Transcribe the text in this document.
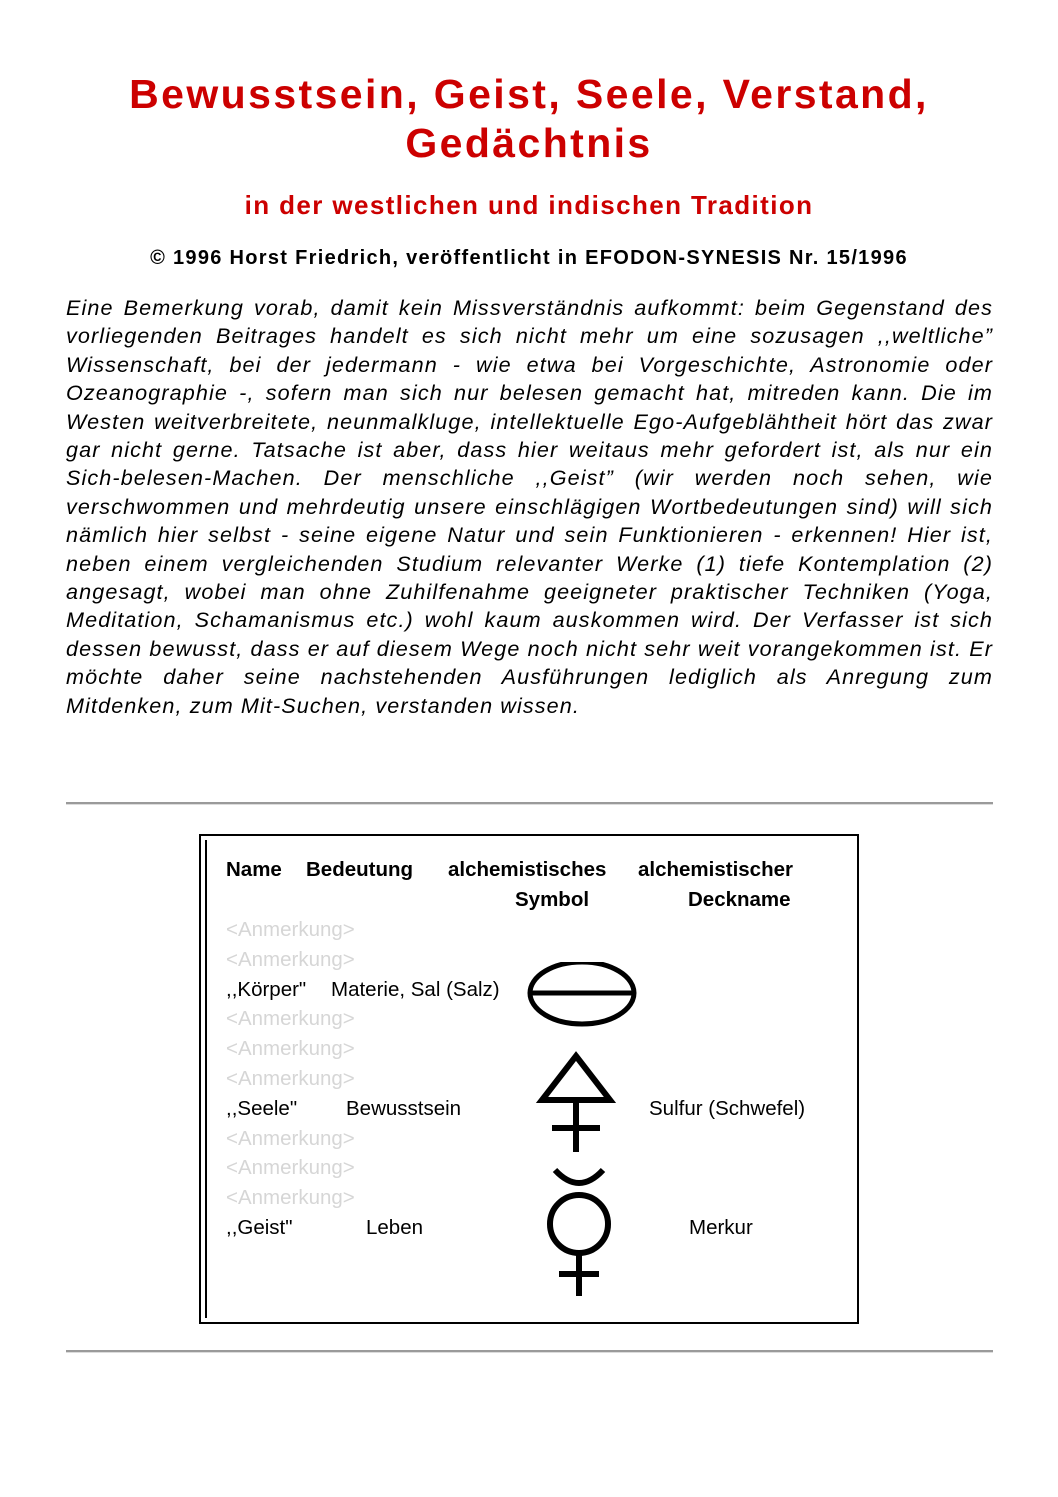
Bewusstsein, Geist, Seele, Verstand, Gedächtnis
in der westlichen und indischen Tradition

© 1996 Horst Friedrich, veröffentlicht in EFODON-SYNESIS Nr. 15/1996

Eine Bemerkung vorab, damit kein Missverständnis aufkommt: beim Gegenstand des vorliegenden Beitrages handelt es sich nicht mehr um eine sozusagen ,,weltliche” Wissenschaft, bei der jedermann - wie etwa bei Vorgeschichte, Astronomie oder Ozeanographie -, sofern man sich nur belesen gemacht hat, mitreden kann. Die im Westen weitverbreitete, neunmalkluge, intellektuelle Ego-Aufgeblähtheit hört das zwar gar nicht gerne. Tatsache ist aber, dass hier weitaus mehr gefordert ist, als nur ein Sich-belesen-Machen. Der menschliche ,,Geist” (wir werden noch sehen, wie verschwommen und mehrdeutig unsere einschlägigen Wortbedeutungen sind) will sich nämlich hier selbst - seine eigene Natur und sein Funktionieren - erkennen! Hier ist, neben einem vergleichenden Studium relevanter Werke (1) tiefe Kontemplation (2) angesagt, wobei man ohne Zuhilfenahme geeigneter praktischer Techniken (Yoga, Meditation, Schamanismus etc.) wohl kaum auskommen wird. Der Verfasser ist sich dessen bewusst, dass er auf diesem Wege noch nicht sehr weit vorangekommen ist. Er möchte daher seine nachstehenden Ausführungen lediglich als Anregung zum Mitdenken, zum Mit-Suchen, verstanden wissen.

Name Bedeutung alchemistisches alchemistischer
Symbol	Deckname
<Anmerkung>
<Anmerkung>
<Anmerkung>
<Anmerkung>
<Anmerkung>
<Anmerkung>
<Anmerkung>
<Anmerkung>
,,Körper" Materie, Sal (Salz)
,,Seele" Bewusstsein	Sulfur (Schwefel)
,,Geist"	Leben	Merkur
